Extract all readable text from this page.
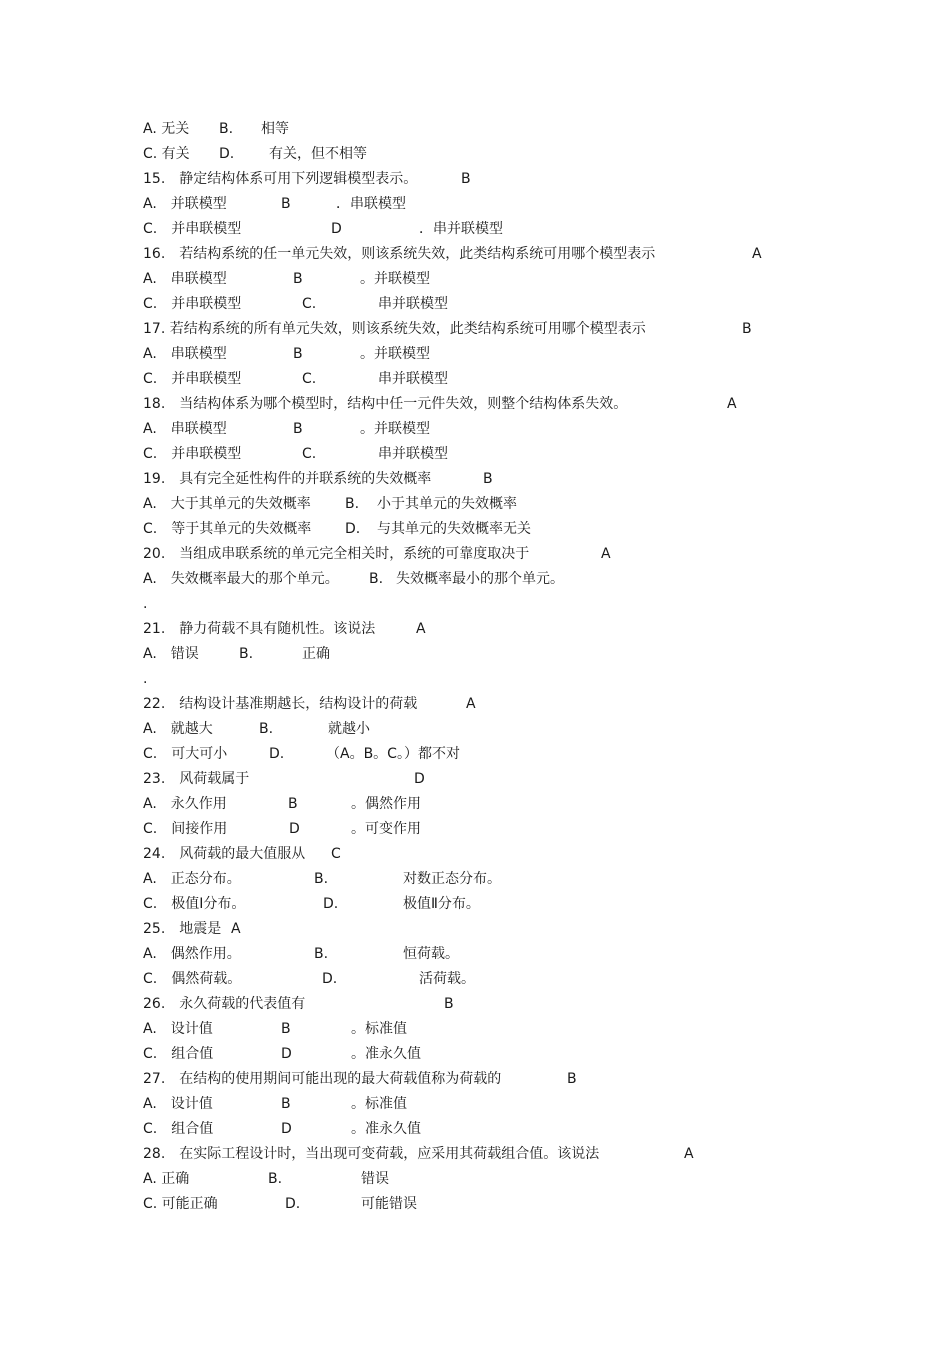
A. 无关 B. 相等
C. 有关 D. 有关，但不相等
15.　静定结构体系可用下列逻辑模型表示。	B
A.　并联模型	B	．串联模型
C.　并串联模型	D	．串并联模型
16.　若结构系统的任一单元失效，则该系统失效，此类结构系统可用哪个模型表示	A
A.　串联模型	B	。并联模型
C.　并串联模型	C.	串并联模型
17. 若结构系统的所有单元失效，则该系统失效，此类结构系统可用哪个模型表示	B
A.　串联模型	B	。并联模型
C.　并串联模型	C.	串并联模型
18.　当结构体系为哪个模型时，结构中任一元件失效，则整个结构体系失效。	A
A.　串联模型	B	。并联模型
C.　并串联模型	C.	串并联模型
19.　具有完全延性构件的并联系统的失效概率	B
A.　大于其单元的失效概率 B. 小于其单元的失效概率
C.　等于其单元的失效概率 D. 与其单元的失效概率无关
20.　当组成串联系统的单元完全相关时，系统的可靠度取决于	A
A.　失效概率最大的那个单元。 B. 失效概率最小的那个单元。
.
21.　静力荷载不具有随机性。该说法	A
A.　错误	B.	正确
.
22.　结构设计基准期越长，结构设计的荷载	A
A.　就越大	B.	就越小
C.　可大可小	D.	（A。B。C。）都不对
23.　风荷载属于	D
A.　永久作用	B	。偶然作用
C.　间接作用	D	。可变作用
24.　风荷载的最大值服从 C
A.　正态分布。	B.	对数正态分布。
C.　极值Ⅰ分布。	D.	极值Ⅱ分布。
25.　地震是 A
A.　偶然作用。	B.	恒荷载。
C.　偶然荷载。	D.	活荷载。
26.　永久荷载的代表值有	B
A.　设计值	B	。标准值
C.　组合值	D	。准永久值
27.　在结构的使用期间可能出现的最大荷载值称为荷载的	B
A.　设计值	B	。标准值
C.　组合值	D	。准永久值
28.　在实际工程设计时，当出现可变荷载，应采用其荷载组合值。该说法	A
A. 正确	B.	错误
C. 可能正确	D.	可能错误
